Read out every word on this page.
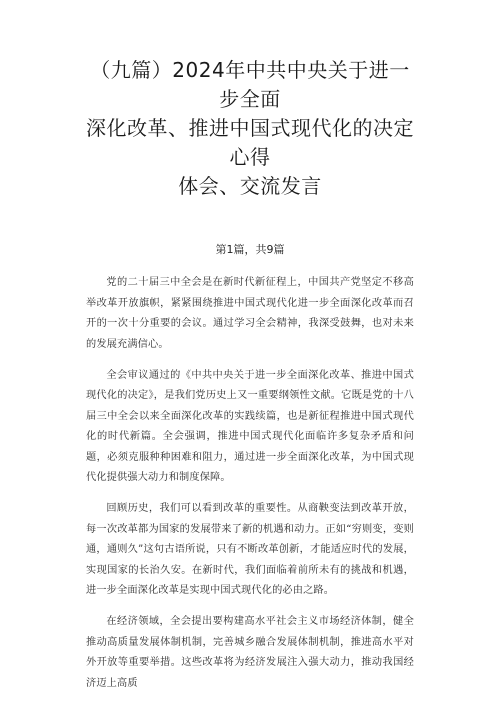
（九篇）2024年中共中央关于进一步全面
深化改革、推进中国式现代化的决定心得
体会、交流发言

第1篇，共9篇

党的二十届三中全会是在新时代新征程上，中国共产党坚定不移高举改革开放旗帜，紧紧围绕推进中国式现代化进一步全面深化改革而召开的一次十分重要的会议。通过学习全会精神，我深受鼓舞，也对未来的发展充满信心。

全会审议通过的《中共中央关于进一步全面深化改革、推进中国式现代化的决定》，是我们党历史上又一重要纲领性文献。它既是党的十八届三中全会以来全面深化改革的实践续篇，也是新征程推进中国式现代化的时代新篇。全会强调，推进中国式现代化面临许多复杂矛盾和问题，必须克服种种困难和阻力，通过进一步全面深化改革，为中国式现代化提供强大动力和制度保障。

回顾历史，我们可以看到改革的重要性。从商鞅变法到改革开放，每一次改革都为国家的发展带来了新的机遇和动力。正如“穷则变，变则通，通则久”这句古语所说，只有不断改革创新，才能适应时代的发展，实现国家的长治久安。在新时代，我们面临着前所未有的挑战和机遇，进一步全面深化改革是实现中国式现代化的必由之路。

在经济领域，全会提出要构建高水平社会主义市场经济体制，健全推动高质量发展体制机制，完善城乡融合发展体制机制，推进高水平对外开放等重要举措。这些改革将为经济发展注入强大动力，推动我国经济迈上高质
